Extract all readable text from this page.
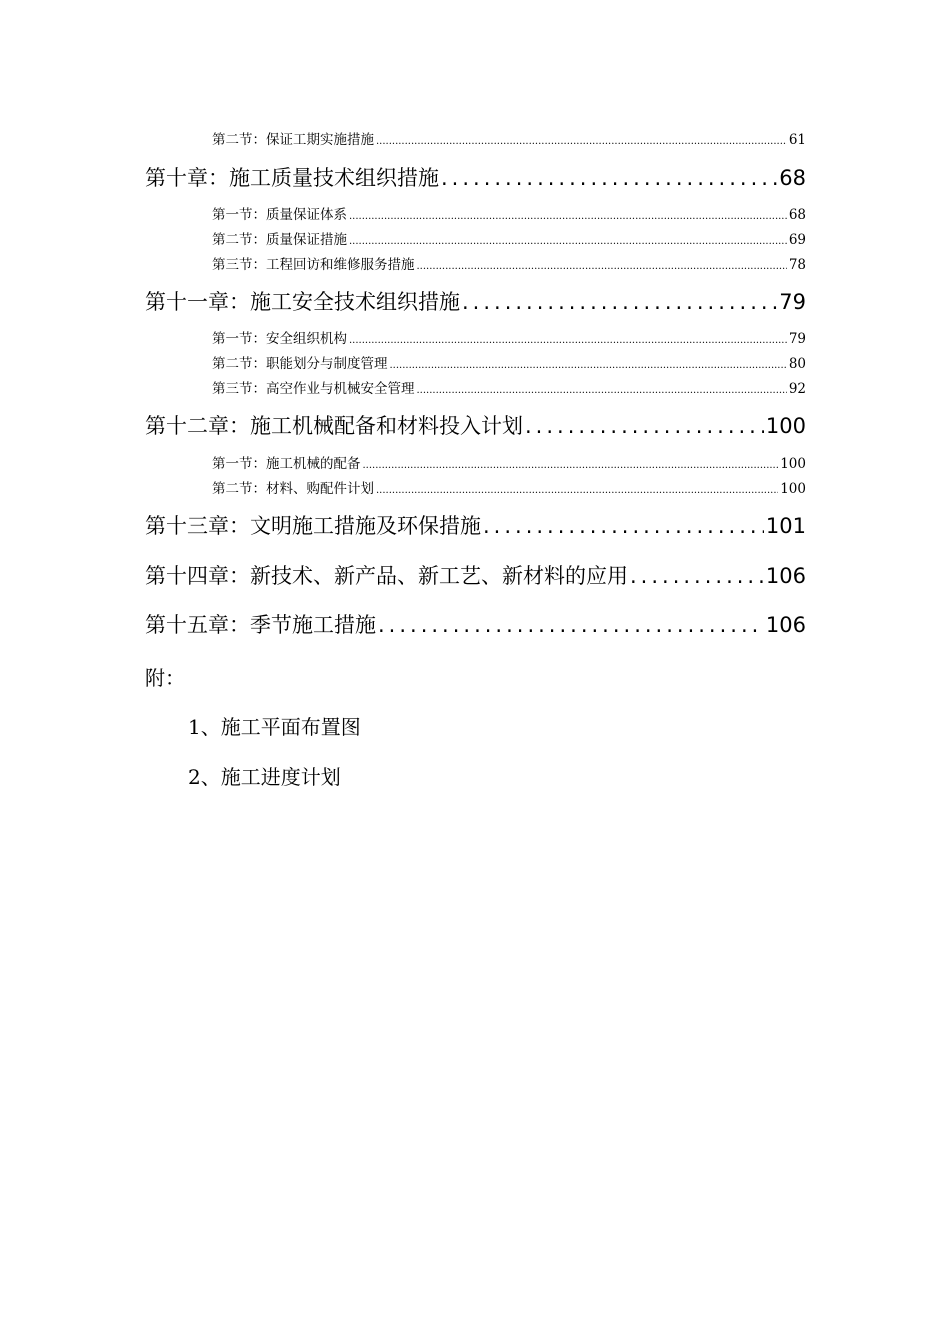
第二节：保证工期实施措施 .....	61
第十章：施工质量技术组织措施 .....	68
第一节：质量保证体系 .....	68
第二节：质量保证措施 .....	69
第三节：工程回访和维修服务措施 .....	78
第十一章：施工安全技术组织措施 .....	79
第一节：安全组织机构 .....	79
第二节：职能划分与制度管理 .....	80
第三节：高空作业与机械安全管理 .....	92
第十二章：施工机械配备和材料投入计划 .....	100
第一节：施工机械的配备 .....	100
第二节：材料、购配件计划 .....	100
第十三章：文明施工措施及环保措施 .....	101
第十四章：新技术、新产品、新工艺、新材料的应用 .....	106
第十五章：季节施工措施 .....	106
附：
1、施工平面布置图
2、施工进度计划
